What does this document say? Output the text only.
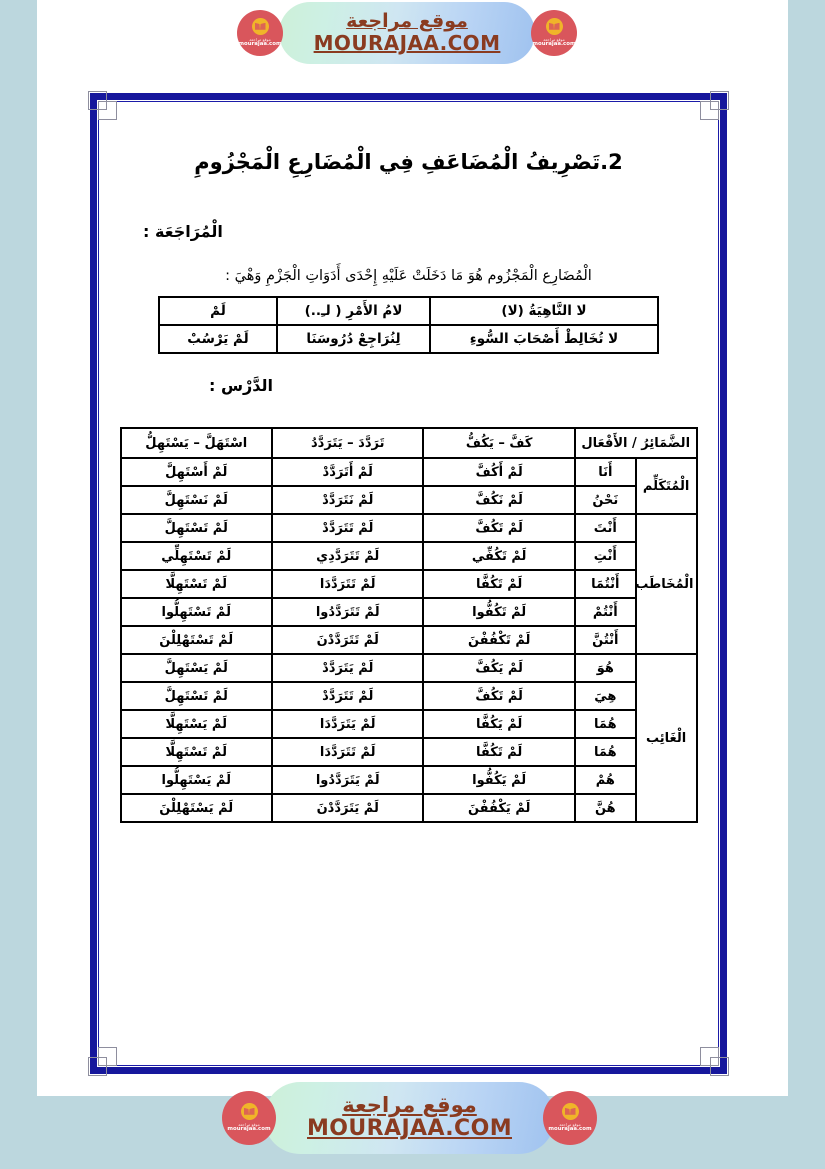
موقع مراجعة
mourajaa.com
موقع مراجعة
MOURAJAA.COM	موقع مراجعة
mourajaa.com
2.تَصْرِيفُ الْمُضَاعَفِ فِي الْمُضَارِعِ الْمَجْزُومِ
الْمُرَاجَعَة :
الْمُضَارِع الْمَجْزُوم هُوَ مَا دَخَلَتْ عَلَيْهِ إِحْدَى أَدَوَاتِ الْجَزْمِ وَهْيَ :
لا النَّاهِيَةُ (لا)	لامُ الأَمْرِ ( لـِ..)	لَمْ
لا تُخَالِطْ أَصْحَابَ السُّوءِ	لِنُرَاجِعْ دُرُوسَنَا	لَمْ يَرْسُبْ
الدَّرْس :
الضَّمَائِرُ / الأَفْعَال		كَفَّ – يَكُفُّ	تَرَدَّدَ – يَتَرَدَّدُ	اسْتَهَلَّ – يَسْتَهِلُّ
الْمُتَكَلِّم	أَنَا	لَمْ أَكُفَّ	لَمْ أَتَرَدَّدْ	لَمْ أَسْتَهِلَّ
	نَحْنُ	لَمْ نَكُفَّ	لَمْ نَتَرَدَّدْ	لَمْ نَسْتَهِلَّ
الْمُخَاطَب	أَنْتَ	لَمْ تَكُفَّ	لَمْ تَتَرَدَّدْ	لَمْ تَسْتَهِلَّ
	أَنْتِ	لَمْ تَكُفِّي	لَمْ تَتَرَدَّدِي	لَمْ تَسْتَهِلِّي
	أَنْتُمَا	لَمْ تَكُفَّا	لَمْ تَتَرَدَّدَا	لَمْ تَسْتَهِلَّا
	أَنْتُمْ	لَمْ تَكُفُّوا	لَمْ تَتَرَدَّدُوا	لَمْ تَسْتَهِلُّوا
	أَنْتُنَّ	لَمْ تَكْفُفْنَ	لَمْ تَتَرَدَّدْنَ	لَمْ تَسْتَهْلِلْنَ
الْغَائِب	هُوَ	لَمْ يَكُفَّ	لَمْ يَتَرَدَّدْ	لَمْ يَسْتَهِلَّ
	هِيَ	لَمْ تَكُفَّ	لَمْ تَتَرَدَّدْ	لَمْ تَسْتَهِلَّ
	هُمَا	لَمْ يَكُفَّا	لَمْ يَتَرَدَّدَا	لَمْ يَسْتَهِلَّا
	هُمَا	لَمْ تَكُفَّا	لَمْ تَتَرَدَّدَا	لَمْ تَسْتَهِلَّا
	هُمْ	لَمْ يَكُفُّوا	لَمْ يَتَرَدَّدُوا	لَمْ يَسْتَهِلُّوا
	هُنَّ	لَمْ يَكْفُفْنَ	لَمْ يَتَرَدَّدْنَ	لَمْ يَسْتَهْلِلْنَ
موقع مراجعة
mourajaa.com
موقع مراجعة
MOURAJAA.COM	موقع مراجعة
mourajaa.com
